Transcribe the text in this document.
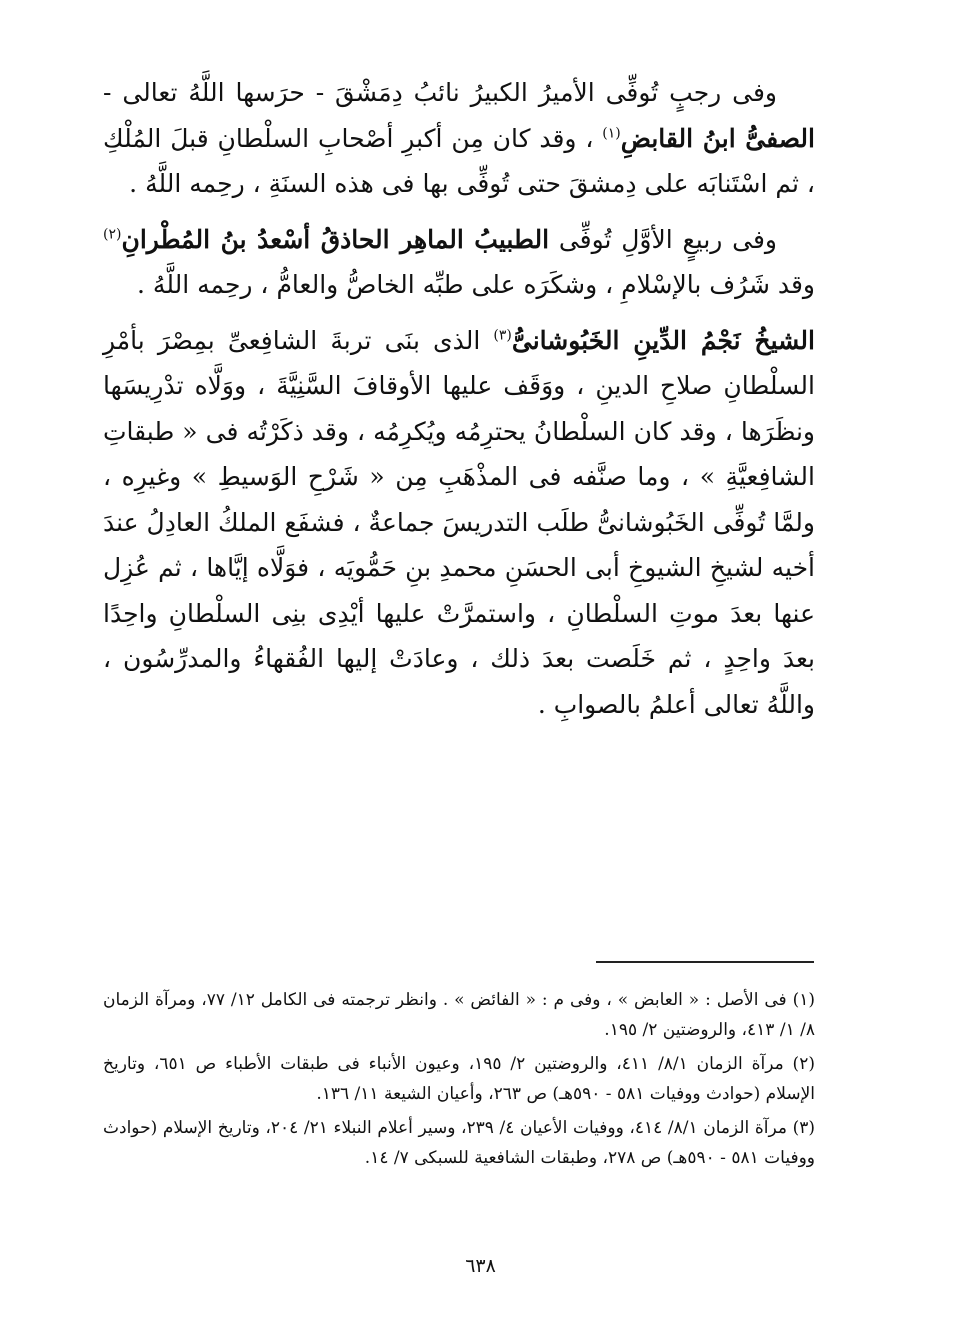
وفى رجبٍ تُوفِّى الأميرُ الكبيرُ نائبُ دِمَشْقَ - حرَسها اللَّهُ تعالى - الصفىُّ ابنُ القابضِ$^{(١)}$ ، وقد كان مِن أكبرِ أصْحابِ السلْطانِ قبلَ المُلْكِ ، ثم اسْتَنابَه على دِمشقَ حتى تُوفِّى بها فى هذه السنَةِ ، رحِمه اللَّهُ .

وفى ربيعٍ الأوَّلِ تُوفِّى الطبيبُ الماهِر الحاذقُ أسْعدُ بنُ المُطْرانِ$^{(٢)}$ وقد شَرُف بالإسْلامِ ، وشكَرَه على طبِّه الخاصُّ والعامُّ ، رحِمه اللَّهُ .

الشيخُ نَجْمُ الدِّينِ الخَبُوشانىُّ$^{(٣)}$ الذى بنَى تربةَ الشافِعىِّ بمِصْرَ بأمْرِ السلْطانِ صلاحِ الدينِ ، ووَقَف عليها الأوقافَ السَّنِيَّةَ ، ووَلَّاه تدْرِيسَها ونظَرَها ، وقد كان السلْطانُ يحترِمُه ويُكرِمُه ، وقد ذكَرْتُه فى « طبقاتِ الشافِعيَّةِ » ، وما صنَّفه فى المذْهَبِ مِن « شَرْحِ الوَسيطِ » وغيرِه ، ولمَّا تُوفِّى الخَبُوشانىُّ طلَب التدريسَ جماعةٌ ، فشفَع الملكُ العادِلُ عندَ أخيه لشيخِ الشيوخِ أبى الحسَنِ محمدِ بنِ حَمُّويَه ، فوَلَّاه إيَّاها ، ثم عُزِل عنها بعدَ موتِ السلْطانِ ، واستمرَّتْ عليها أيْدِى بنِى السلْطانِ واحِدًا بعدَ واحِدٍ ، ثم خَلَصت بعدَ ذلك ، وعادَتْ إليها الفُقهاءُ والمدرِّسُون ، واللَّهُ تعالى أعلمُ بالصوابِ .

(١) فى الأصل : « العابض » ، وفى م : « الفائض » . وانظر ترجمته فى الكامل ١٢/ ٧٧، ومرآة الزمان ٨/ ١/ ٤١٣، والروضتين ٢/ ١٩٥.

(٢) مرآة الزمان ٨/١/ ٤١١، والروضتين ٢/ ١٩٥، وعيون الأنباء فى طبقات الأطباء ص ٦٥١، وتاريخ الإسلام (حوادث ووفيات ٥٨١ - ٥٩٠هـ) ص ٢٦٣، وأعيان الشيعة ١١/ ١٣٦.

(٣) مرآة الزمان ٨/١/ ٤١٤، ووفيات الأعيان ٤/ ٢٣٩، وسير أعلام النبلاء ٢١/ ٢٠٤، وتاريخ الإسلام (حوادث ووفيات ٥٨١ - ٥٩٠هـ) ص ٢٧٨، وطبقات الشافعية للسبكى ٧/ ١٤.

٦٣٨
